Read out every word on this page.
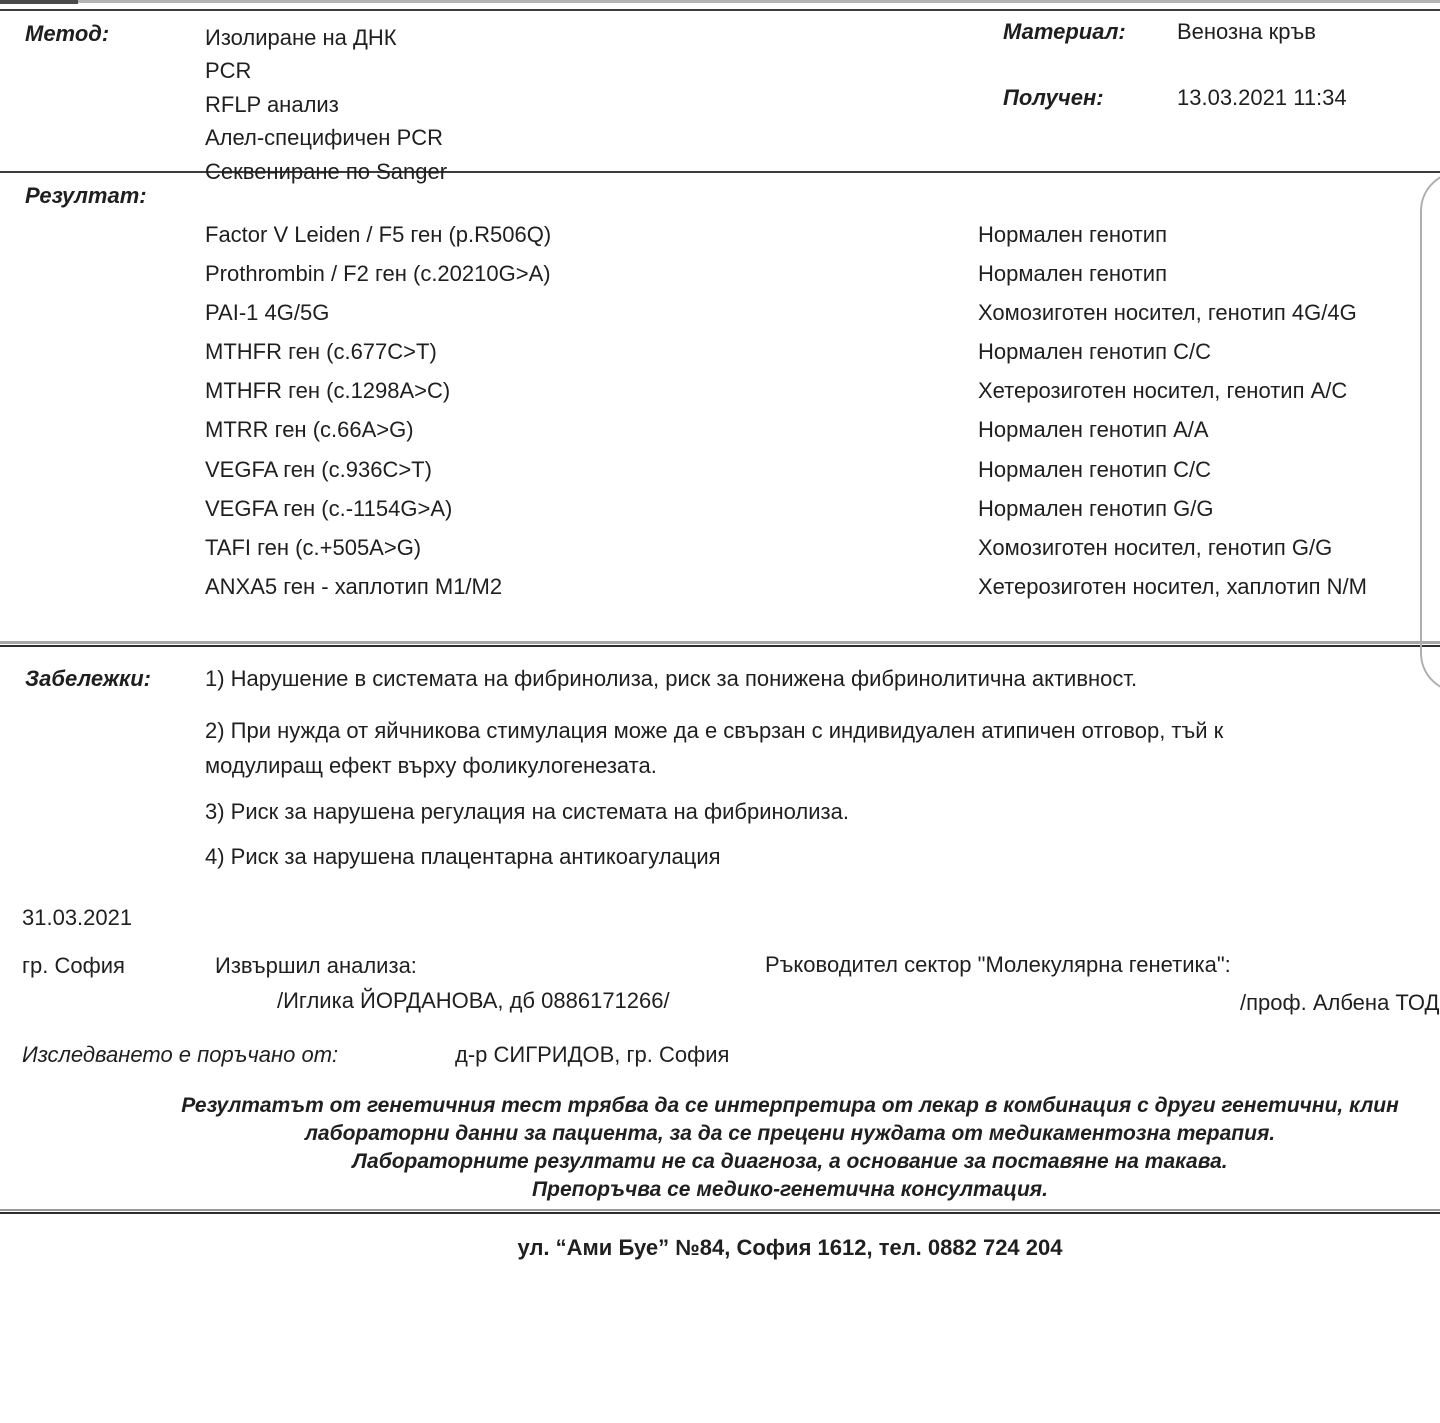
Метод:	Изолиране на ДНК
PCR
RFLP анализ
Алел-специфичен PCR
Секвениране по Sanger
Материал: Венозна кръв
Получен:	13.03.2021 11:34
Резултат:
Factor V Leiden / F5 ген (p.R506Q)	Нормален генотип
Prothrombin / F2 ген (c.20210G>A)	Нормален генотип
PAI-1 4G/5G	Хомозиготен носител, генотип 4G/4G
MTHFR ген (c.677C>T)	Нормален генотип C/C
MTHFR ген (c.1298A>C)	Хетерозиготен носител, генотип A/C
MTRR ген (c.66A>G)	Нормален генотип A/A
VEGFA ген (c.936C>T)	Нормален генотип C/C
VEGFA ген (c.-1154G>A)	Нормален генотип G/G
TAFI ген (c.+505A>G)	Хомозиготен носител, генотип G/G
ANXA5 ген - хаплотип M1/M2	Хетерозиготен носител, хаплотип N/M
Забележки: 1) Нарушение в системата на фибринолиза, риск за понижена фибринолитична активност.
2) При нужда от яйчникова стимулация може да е свързан с индивидуален атипичен отговор, тъй к
модулиращ ефект върху фоликулогенезата.
3) Риск за нарушена регулация на системата на фибринолиза.
4) Риск за нарушена плацентарна антикоагулация
31.03.2021
гр. София	Извършил анализа:	Ръководител сектор "Молекулярна генетика":
/Иглика ЙОРДАНОВА, дб 0886171266/	/проф. Албена ТОД
Изследването е поръчано от:	д-р СИГРИДОВ, гр. София
Резултатът от генетичния тест трябва да се интерпретира от лекар в комбинация с други генетични, клин
лабораторни данни за пациента, за да се прецени нуждата от медикаментозна терапия.
Лабораторните резултати не са диагноза, а основание за поставяне на такава.
Препоръчва се медико-генетична консултация.
ул. “Ами Буе” №84, София 1612, тел. 0882 724 204
